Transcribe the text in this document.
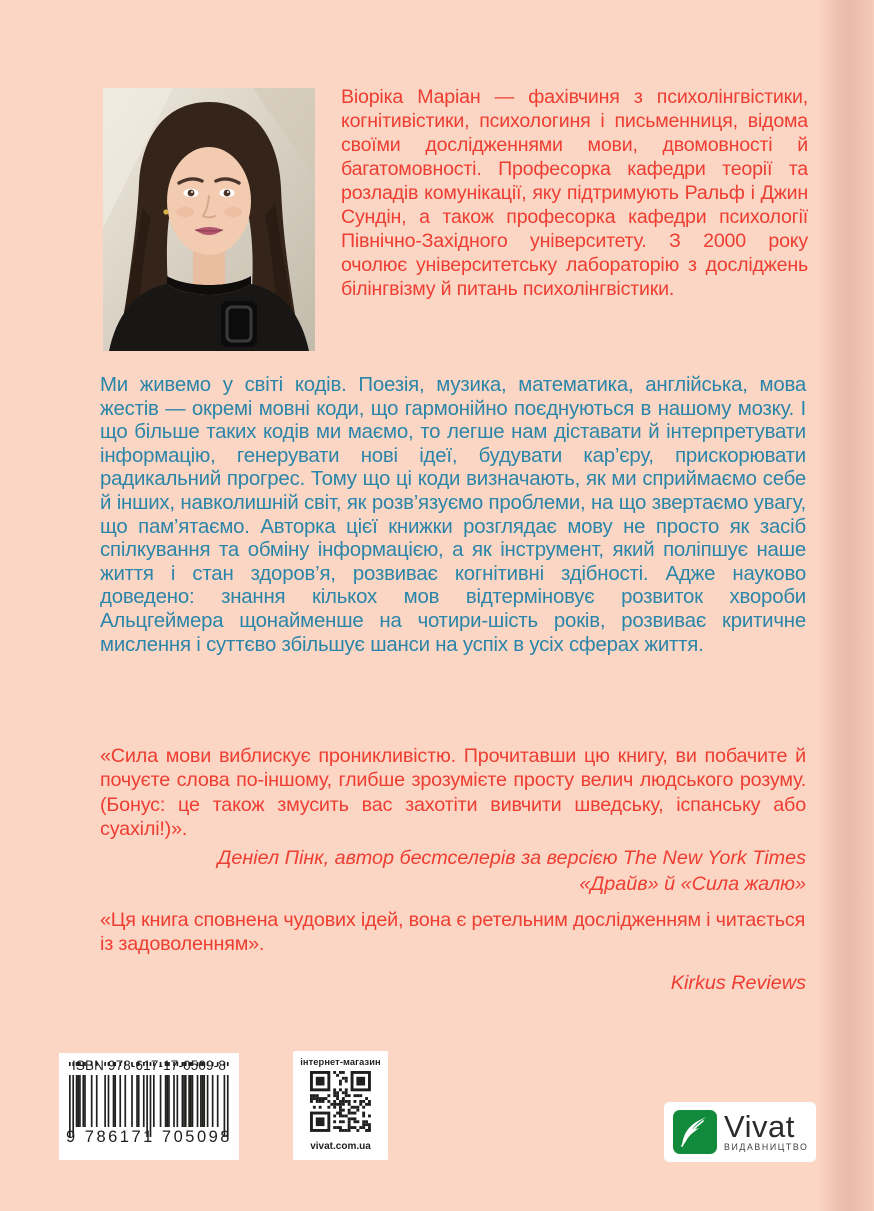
Віоріка Маріан — фахівчиня з психолінгвістики, когнітивістики, психологиня і письменниця, відома своїми дослідженнями мови, двомовності й багатомовності. Професорка кафедри теорії та розладів комунікації, яку підтримують Ральф і Джин Сундін, а також професорка кафедри психології Північно-Західного університету. З 2000 року очолює університетську лабораторію з досліджень білінгвізму й питань психолінгвістики.
Ми живемо у світі кодів. Поезія, музика, математика, англійська, мова жестів — окремі мовні коди, що гармонійно поєднуються в нашому мозку. І що більше таких кодів ми маємо, то легше нам діставати й інтерпретувати інформацію, генерувати нові ідеї, будувати кар’єру, прискорювати радикальний прогрес. Тому що ці коди визначають, як ми сприймаємо себе й інших, навколишній світ, як розв’язуємо проблеми, на що звертаємо увагу, що пам’ятаємо. Авторка цієї книжки розглядає мову не просто як засіб спілкування та обміну інформацією, а як інструмент, який поліпшує наше життя і стан здоров’я, розвиває когнітивні здібності. Адже науково доведено: знання кількох мов відтерміновує розвиток хвороби Альцгеймера щонайменше на чотири-шість років, розвиває критичне мислення і суттєво збільшує шанси на успіх в усіх сферах життя.
«Сила мови виблискує проникливістю. Прочитавши цю книгу, ви побачите й почуєте слова по-іншому, глибше зрозумієте просту велич людського розуму. (Бонус: це також змусить вас захотіти вивчити шведську, іспанську або суахілі!)».
Деніел Пінк, автор бестселерів за версією The New York Times
«Драйв» й «Сила жалю»
«Ця книга сповнена чудових ідей, вона є ретельним дослідженням і читається із задоволенням».
Kirkus Reviews
ISBN 978-617-17-0509-8
9 786171 705098
інтернет-магазин
vivat.com.ua
Vivat
ВИДАВНИЦТВО
